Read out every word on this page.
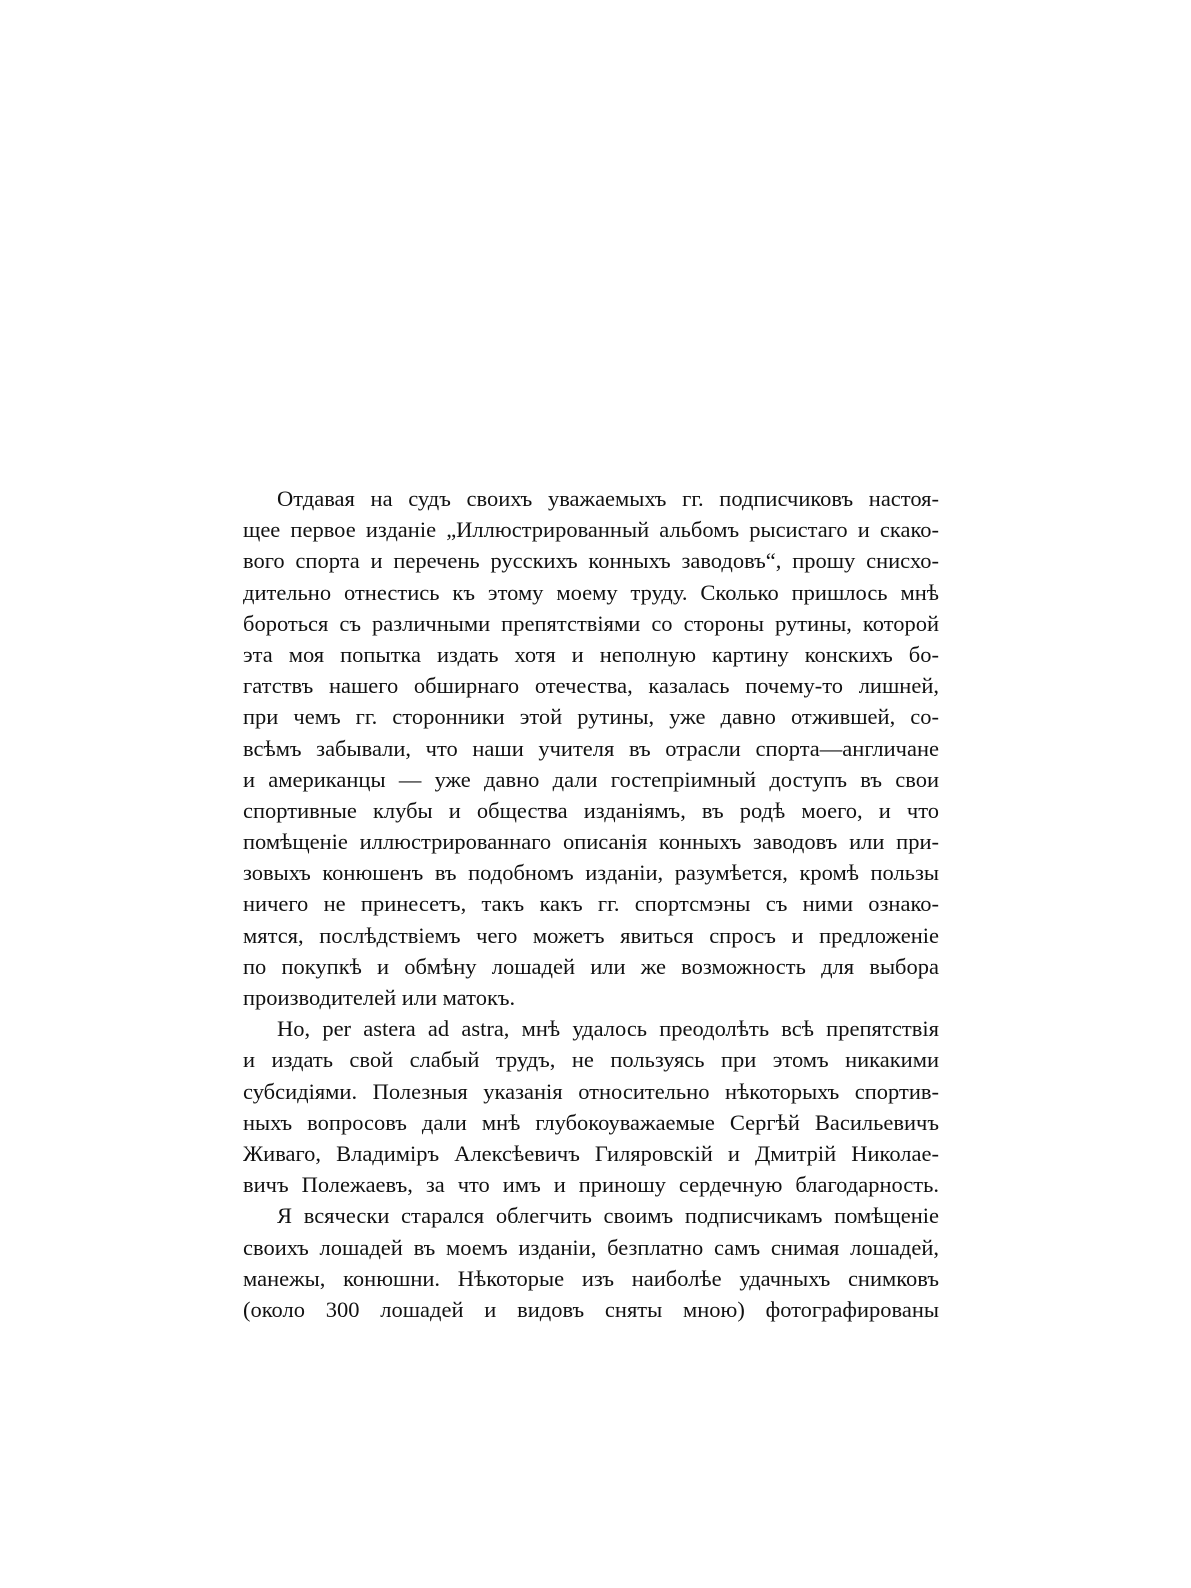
Отдавая на судъ своихъ уважаемыхъ гг. подписчиковъ настоя-
щее первое изданіе „Иллюстрированный альбомъ рысистаго и скако-
вого спорта и перечень русскихъ конныхъ заводовъ“, прошу снисхо-
дительно отнестись къ этому моему труду. Сколько пришлось мнѣ
бороться съ различными препятствіями со стороны рутины, которой
эта моя попытка издать хотя и неполную картину конскихъ бо-
гатствъ нашего обширнаго отечества, казалась почему-то лишней,
при чемъ гг. сторонники этой рутины, уже давно отжившей, со-
всѣмъ забывали, что наши учителя въ отрасли спорта—англичане
и американцы — уже давно дали гостепріимный доступъ въ свои
спортивные клубы и общества изданіямъ, въ родѣ моего, и что
помѣщеніе иллюстрированнаго описанія конныхъ заводовъ или при-
зовыхъ конюшенъ въ подобномъ изданіи, разумѣется, кромѣ пользы
ничего не принесетъ, такъ какъ гг. спортсмэны съ ними ознако-
мятся, послѣдствіемъ чего можетъ явиться спросъ и предложеніе
по покупкѣ и обмѣну лошадей или же возможность для выбора
производителей или матокъ.
Но, per astera ad astra, мнѣ удалось преодолѣть всѣ препятствія
и издать свой слабый трудъ, не пользуясь при этомъ никакими
субсидіями. Полезныя указанія относительно нѣкоторыхъ спортив-
ныхъ вопросовъ дали мнѣ глубокоуважаемые Сергѣй Васильевичъ
Живаго, Владиміръ Алексѣевичъ Гиляровскій и Дмитрій Николае-
вичъ Полежаевъ, за что имъ и приношу сердечную благодарность.
Я всячески старался облегчить своимъ подписчикамъ помѣщеніе
своихъ лошадей въ моемъ изданіи, безплатно самъ снимая лошадей,
манежы, конюшни. Нѣкоторые изъ наиболѣе удачныхъ снимковъ
(около 300 лошадей и видовъ сняты мною) фотографированы
